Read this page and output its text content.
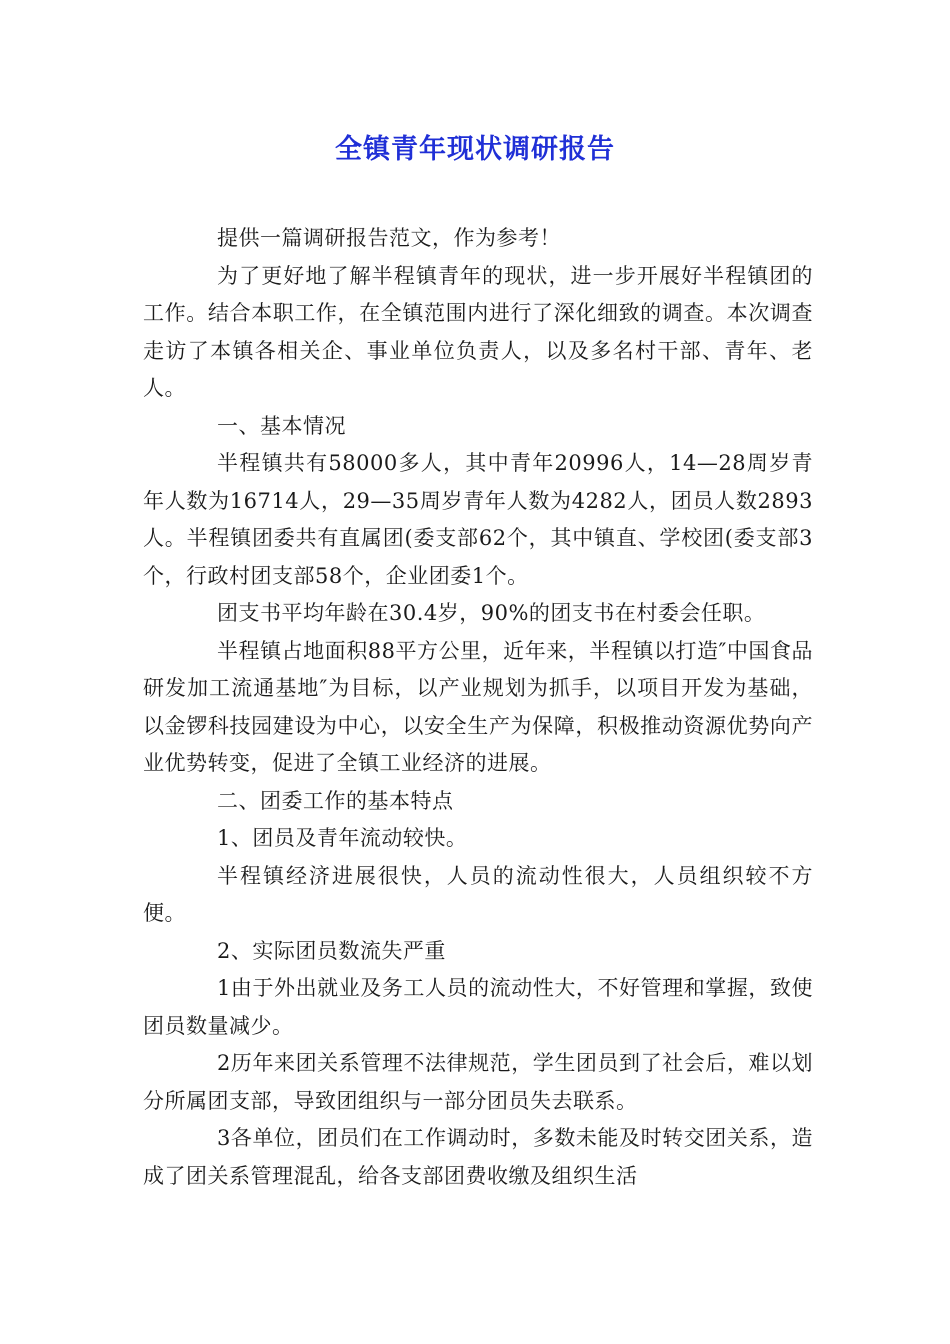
全镇青年现状调研报告

提供一篇调研报告范文，作为参考！

为了更好地了解半程镇青年的现状，进一步开展好半程镇团的工作。结合本职工作，在全镇范围内进行了深化细致的调查。本次调查走访了本镇各相关企、事业单位负责人，以及多名村干部、青年、老人。

一、基本情况

半程镇共有58000多人，其中青年20996人，14—28周岁青年人数为16714人，29—35周岁青年人数为4282人，团员人数2893人。半程镇团委共有直属团(委支部62个，其中镇直、学校团(委支部3个，行政村团支部58个，企业团委1个。

团支书平均年龄在30.4岁，90%的团支书在村委会任职。

半程镇占地面积88平方公里，近年来，半程镇以打造″中国食品研发加工流通基地″为目标，以产业规划为抓手，以项目开发为基础，以金锣科技园建设为中心，以安全生产为保障，积极推动资源优势向产业优势转变，促进了全镇工业经济的进展。

二、团委工作的基本特点

1、团员及青年流动较快。

半程镇经济进展很快，人员的流动性很大，人员组织较不方便。

2、实际团员数流失严重

1由于外出就业及务工人员的流动性大，不好管理和掌握，致使团员数量减少。

2历年来团关系管理不法律规范，学生团员到了社会后，难以划分所属团支部，导致团组织与一部分团员失去联系。

3各单位，团员们在工作调动时，多数未能及时转交团关系，造成了团关系管理混乱，给各支部团费收缴及组织生活
